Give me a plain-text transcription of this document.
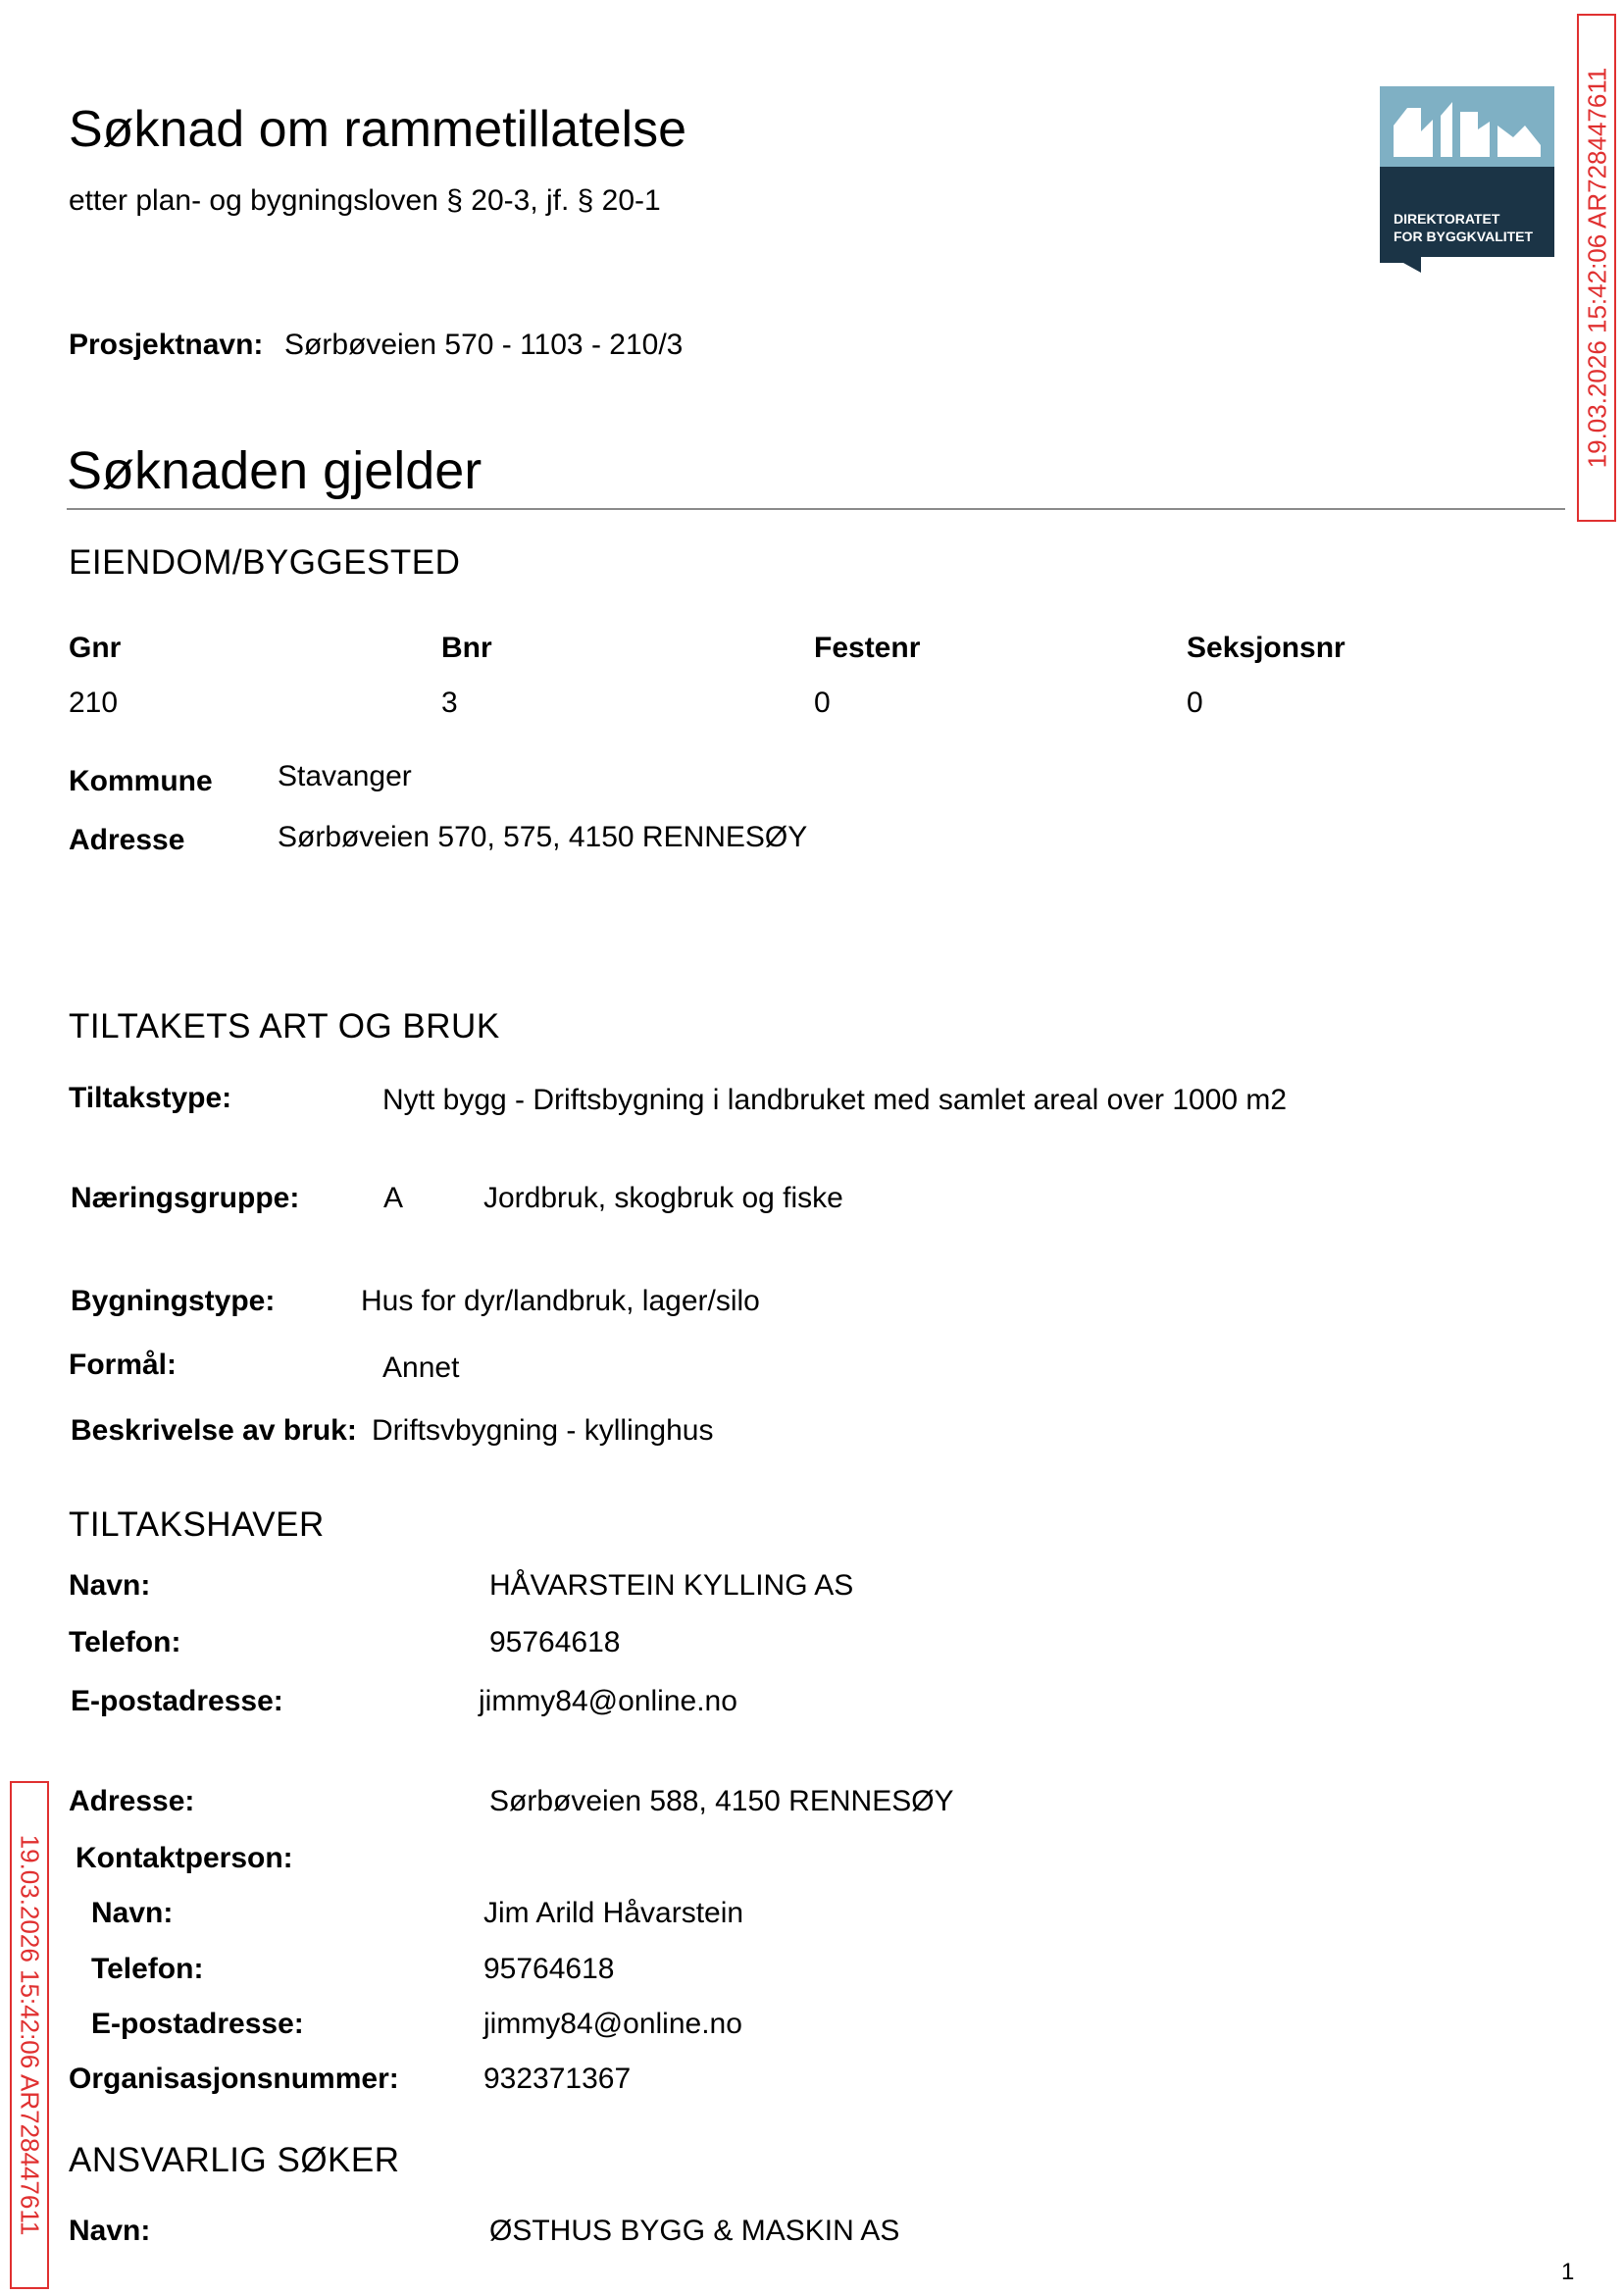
Søknad om rammetillatelse
etter plan- og bygningsloven § 20-3, jf. § 20-1
DIREKTORATET
FOR BYGGKVALITET
Prosjektnavn: Sørbøveien 570 - 1103 - 210/3
Søknaden gjelder
EIENDOM/BYGGESTED
Gnr	Bnr	Festenr	Seksjonsnr
210	3	0	0
Kommune Stavanger
Adresse	Sørbøveien 570, 575, 4150 RENNESØY
TILTAKETS ART OG BRUK
Tiltakstype:	Nytt bygg - Driftsbygning i landbruket med samlet areal over 1000 m2
Næringsgruppe:	A	Jordbruk, skogbruk og fiske
Bygningstype:	Hus for dyr/landbruk, lager/silo
Formål:	Annet
Beskrivelse av bruk: Driftsvbygning - kyllinghus
TILTAKSHAVER
Navn:	HÅVARSTEIN KYLLING AS
Telefon:	95764618
E-postadresse:	jimmy84@online.no
Adresse:	Sørbøveien 588, 4150 RENNESØY
Kontaktperson:
Navn:	Jim Arild Håvarstein
Telefon:	95764618
E-postadresse:	jimmy84@online.no
Organisasjonsnummer:	932371367
ANSVARLIG SØKER
Navn:	ØSTHUS BYGG & MASKIN AS
19.03.2026 15:42:06 AR728447611
19.03.2026 15:42:06 AR728447611
1
